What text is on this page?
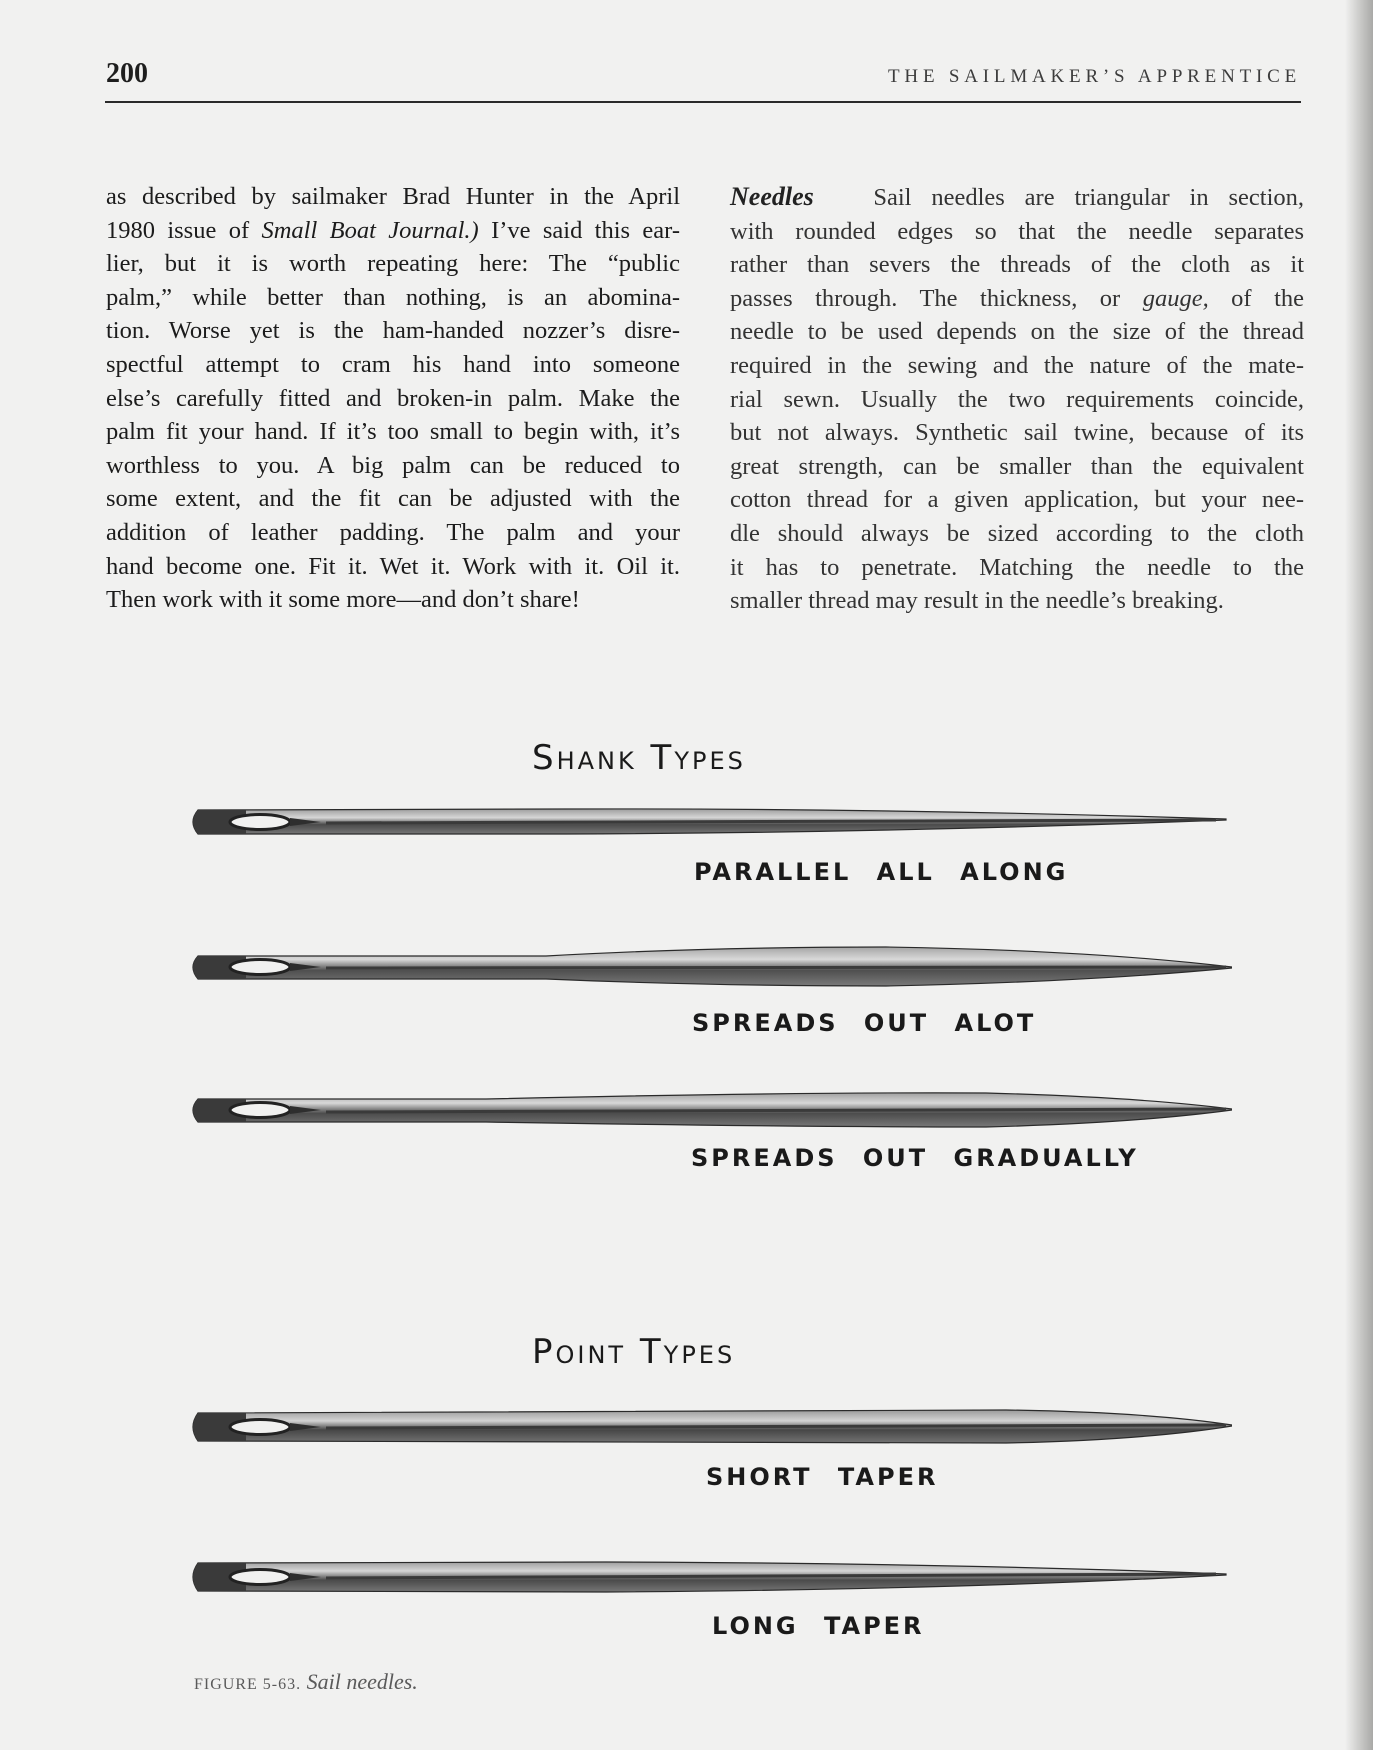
200	THE SAILMAKER’S APPRENTICE
as described by sailmaker Brad Hunter in the April
1980 issue of Small Boat Journal.) I’ve said this ear-
lier, but it is worth repeating here: The “public
palm,” while better than nothing, is an abomina-
tion. Worse yet is the ham-handed nozzer’s disre-
spectful attempt to cram his hand into someone
else’s carefully fitted and broken-in palm. Make the
palm fit your hand. If it’s too small to begin with, it’s
worthless to you. A big palm can be reduced to
some extent, and the fit can be adjusted with the
addition of leather padding. The palm and your
hand become one. Fit it. Wet it. Work with it. Oil it.
Then work with it some more—and don’t share!
Needles Sail needles are triangular in section,
with rounded edges so that the needle separates
rather than severs the threads of the cloth as it
passes through. The thickness, or gauge, of the
needle to be used depends on the size of the thread
required in the sewing and the nature of the mate-
rial sewn. Usually the two requirements coincide,
but not always. Synthetic sail twine, because of its
great strength, can be smaller than the equivalent
cotton thread for a given application, but your nee-
dle should always be sized according to the cloth
it has to penetrate. Matching the needle to the
smaller thread may result in the needle’s breaking.
Shank Types
PARALLEL ALL ALONG
SPREADS OUT ALOT
SPREADS OUT GRADUALLY
Point Types
SHORT TAPER
LONG TAPER
FIGURE 5-63. Sail needles.
